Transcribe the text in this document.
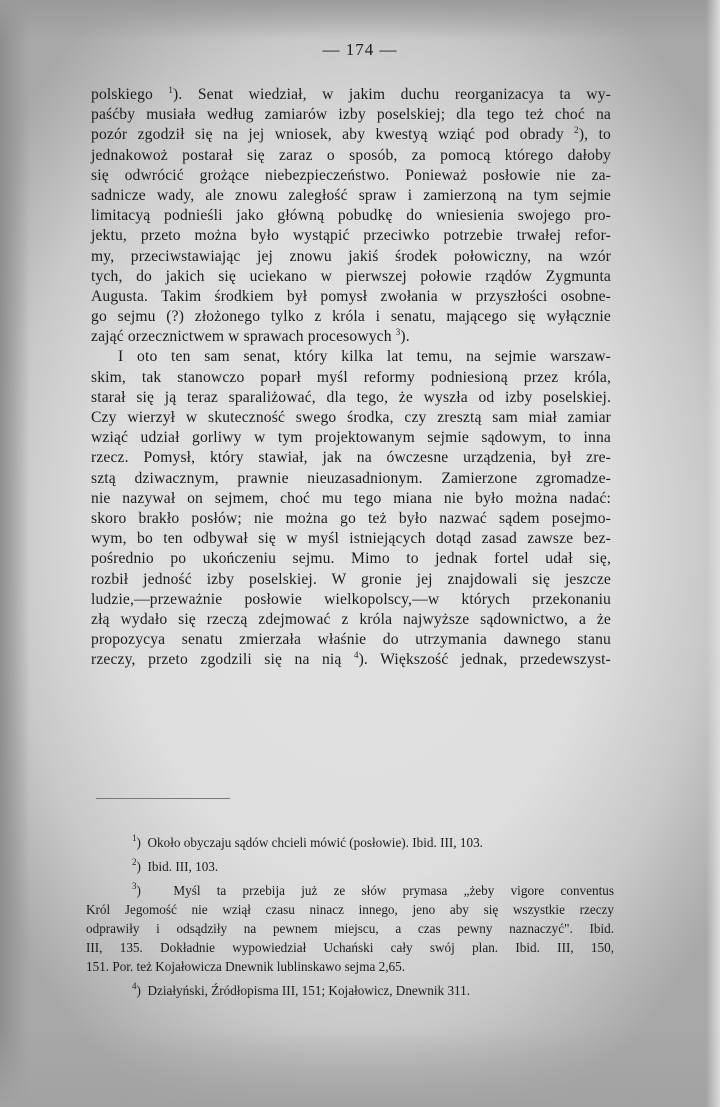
— 174 —
polskiego $^1$). Senat wiedział, w jakim duchu reorganizacya ta wy-
paśćby musiała według zamiarów izby poselskiej; dla tego też choć na
pozór zgodził się na jej wniosek, aby kwestyą wziąć pod obrady $^2$), to
jednakowoż postarał się zaraz o sposób, za pomocą którego dałoby
się odwrócić grożące niebezpieczeństwo. Ponieważ posłowie nie za-
sadnicze wady, ale znowu zaległość spraw i zamierzoną na tym sejmie
limitacyą podnieśli jako główną pobudkę do wniesienia swojego pro-
jektu, przeto można było wystąpić przeciwko potrzebie trwałej refor-
my, przeciwstawiając jej znowu jakiś środek połowiczny, na wzór
tych, do jakich się uciekano w pierwszej połowie rządów Zygmunta
Augusta. Takim środkiem był pomysł zwołania w przyszłości osobne-
go sejmu (?) złożonego tylko z króla i senatu, mającego się wyłącznie
zająć orzecznictwem w sprawach procesowych $^3$).
I oto ten sam senat, który kilka lat temu, na sejmie warszaw-
skim, tak stanowczo poparł myśl reformy podniesioną przez króla,
starał się ją teraz sparaliżować, dla tego, że wyszła od izby poselskiej.
Czy wierzył w skuteczność swego środka, czy zresztą sam miał zamiar
wziąć udział gorliwy w tym projektowanym sejmie sądowym, to inna
rzecz. Pomysł, który stawiał, jak na ówczesne urządzenia, był zre-
sztą dziwacznym, prawnie nieuzasadnionym. Zamierzone zgromadze-
nie nazywał on sejmem, choć mu tego miana nie było można nadać:
skoro brakło posłów; nie można go też było nazwać sądem posejmo-
wym, bo ten odbywał się w myśl istniejących dotąd zasad zawsze bez-
pośrednio po ukończeniu sejmu. Mimo to jednak fortel udał się,
rozbił jedność izby poselskiej. W gronie jej znajdowali się jeszcze
ludzie,—przeważnie posłowie wielkopolscy,—w których przekonaniu
złą wydało się rzeczą zdejmować z króla najwyższe sądownictwo, a że
propozycya senatu zmierzała właśnie do utrzymania dawnego stanu
rzeczy, przeto zgodzili się na nią $^4$). Większość jednak, przedewszyst-
$^1$)  Około obyczaju sądów chcieli mówić (posłowie). Ibid. III, 103.
$^2$)  Ibid. III, 103.
$^3$)  Myśl ta przebija już ze słów prymasa „żeby vigore conventus
Król Jegomość nie wziął czasu ninacz innego, jeno aby się wszystkie rzeczy
odprawiły i odsądziły na pewnem miejscu, a czas pewny naznaczyć". Ibid.
III, 135. Dokładnie wypowiedział Uchański cały swój plan. Ibid. III, 150,
151. Por. też Kojałowicza Dnewnik lublinskawo sejma 2,65.
$^4$)  Działyński, Źródłopisma III, 151; Kojałowicz, Dnewnik 311.
